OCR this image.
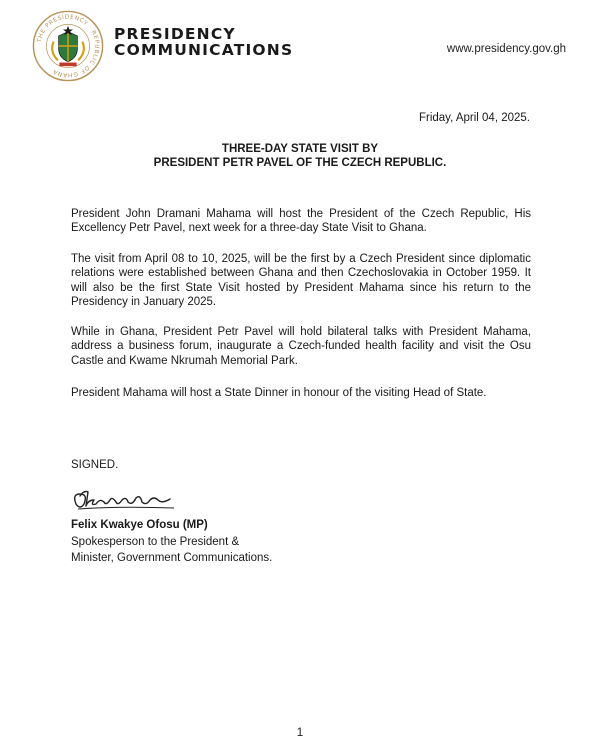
THE PRESIDENCY · REPUBLIC OF GHANA
PRESIDENCY
COMMUNICATIONS	www.presidency.gov.gh
Friday, April 04, 2025.
THREE-DAY STATE VISIT BY
PRESIDENT PETR PAVEL OF THE CZECH REPUBLIC.
President John Dramani Mahama will host the President of the Czech Republic, His Excellency Petr Pavel, next week for a three-day State Visit to Ghana.
The visit from April 08 to 10, 2025, will be the first by a Czech President since diplomatic relations were established between Ghana and then Czechoslovakia in October 1959. It will also be the first State Visit hosted by President Mahama since his return to the Presidency in January 2025.
While in Ghana, President Petr Pavel will hold bilateral talks with President Mahama, address a business forum, inaugurate a Czech-funded health facility and visit the Osu Castle and Kwame Nkrumah Memorial Park.
President Mahama will host a State Dinner in honour of the visiting Head of State.
SIGNED.
Felix Kwakye Ofosu (MP)
Spokesperson to the President &
Minister, Government Communications.
1
